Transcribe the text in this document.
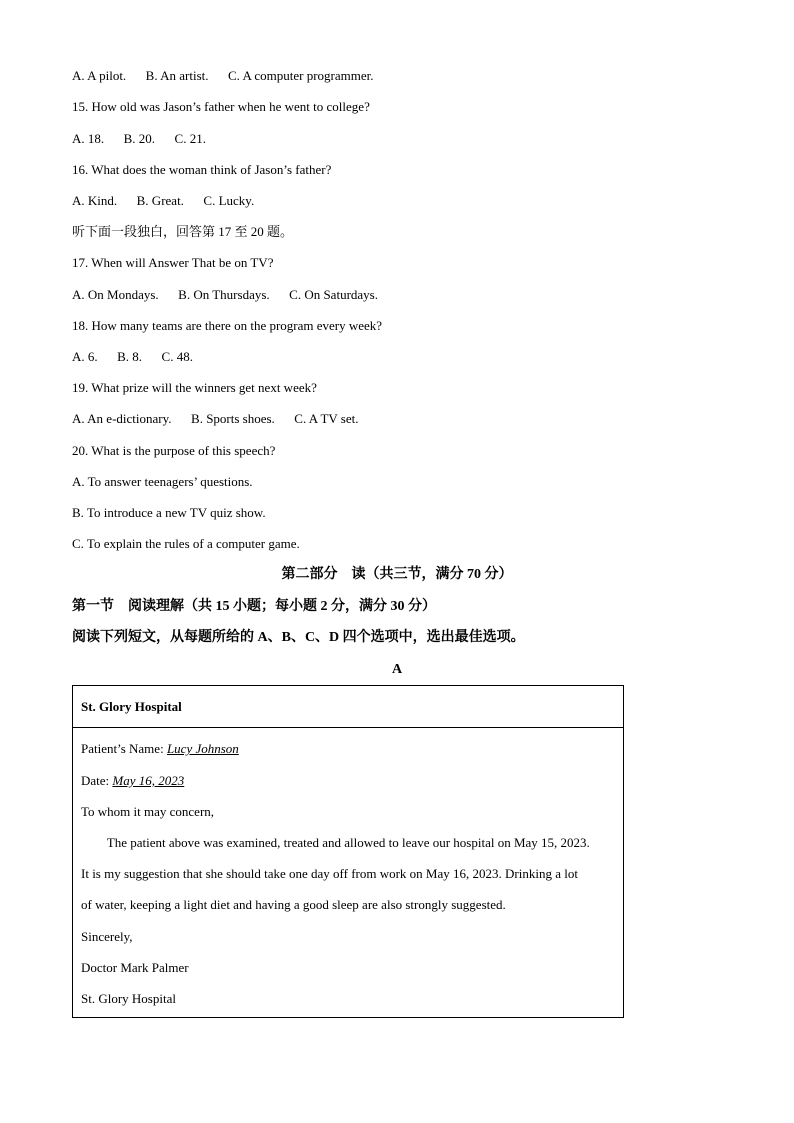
A. A pilot.      B. An artist.      C. A computer programmer.
15. How old was Jason’s father when he went to college?
A. 18.      B. 20.      C. 21.
16. What does the woman think of Jason’s father?
A. Kind.      B. Great.      C. Lucky.
听下面一段独白，回答第 17 至 20 题。
17. When will Answer That be on TV?
A. On Mondays.      B. On Thursdays.      C. On Saturdays.
18. How many teams are there on the program every week?
A. 6.      B. 8.      C. 48.
19. What prize will the winners get next week?
A. An e-dictionary.      B. Sports shoes.      C. A TV set.
20. What is the purpose of this speech?
A. To answer teenagers’ questions.
B. To introduce a new TV quiz show.
C. To explain the rules of a computer game.
第二部分    读（共三节，满分 70 分）
第一节    阅读理解（共 15 小题；每小题 2 分，满分 30 分）
阅读下列短文，从每题所给的 A、B、C、D 四个选项中，选出最佳选项。
A
St. Glory Hospital
Patient’s Name: Lucy Johnson
Date: May 16, 2023
To whom it may concern,
The patient above was examined, treated and allowed to leave our hospital on May 15, 2023.
It is my suggestion that she should take one day off from work on May 16, 2023. Drinking a lot
of water, keeping a light diet and having a good sleep are also strongly suggested.
Sincerely,
Doctor Mark Palmer
St. Glory Hospital
